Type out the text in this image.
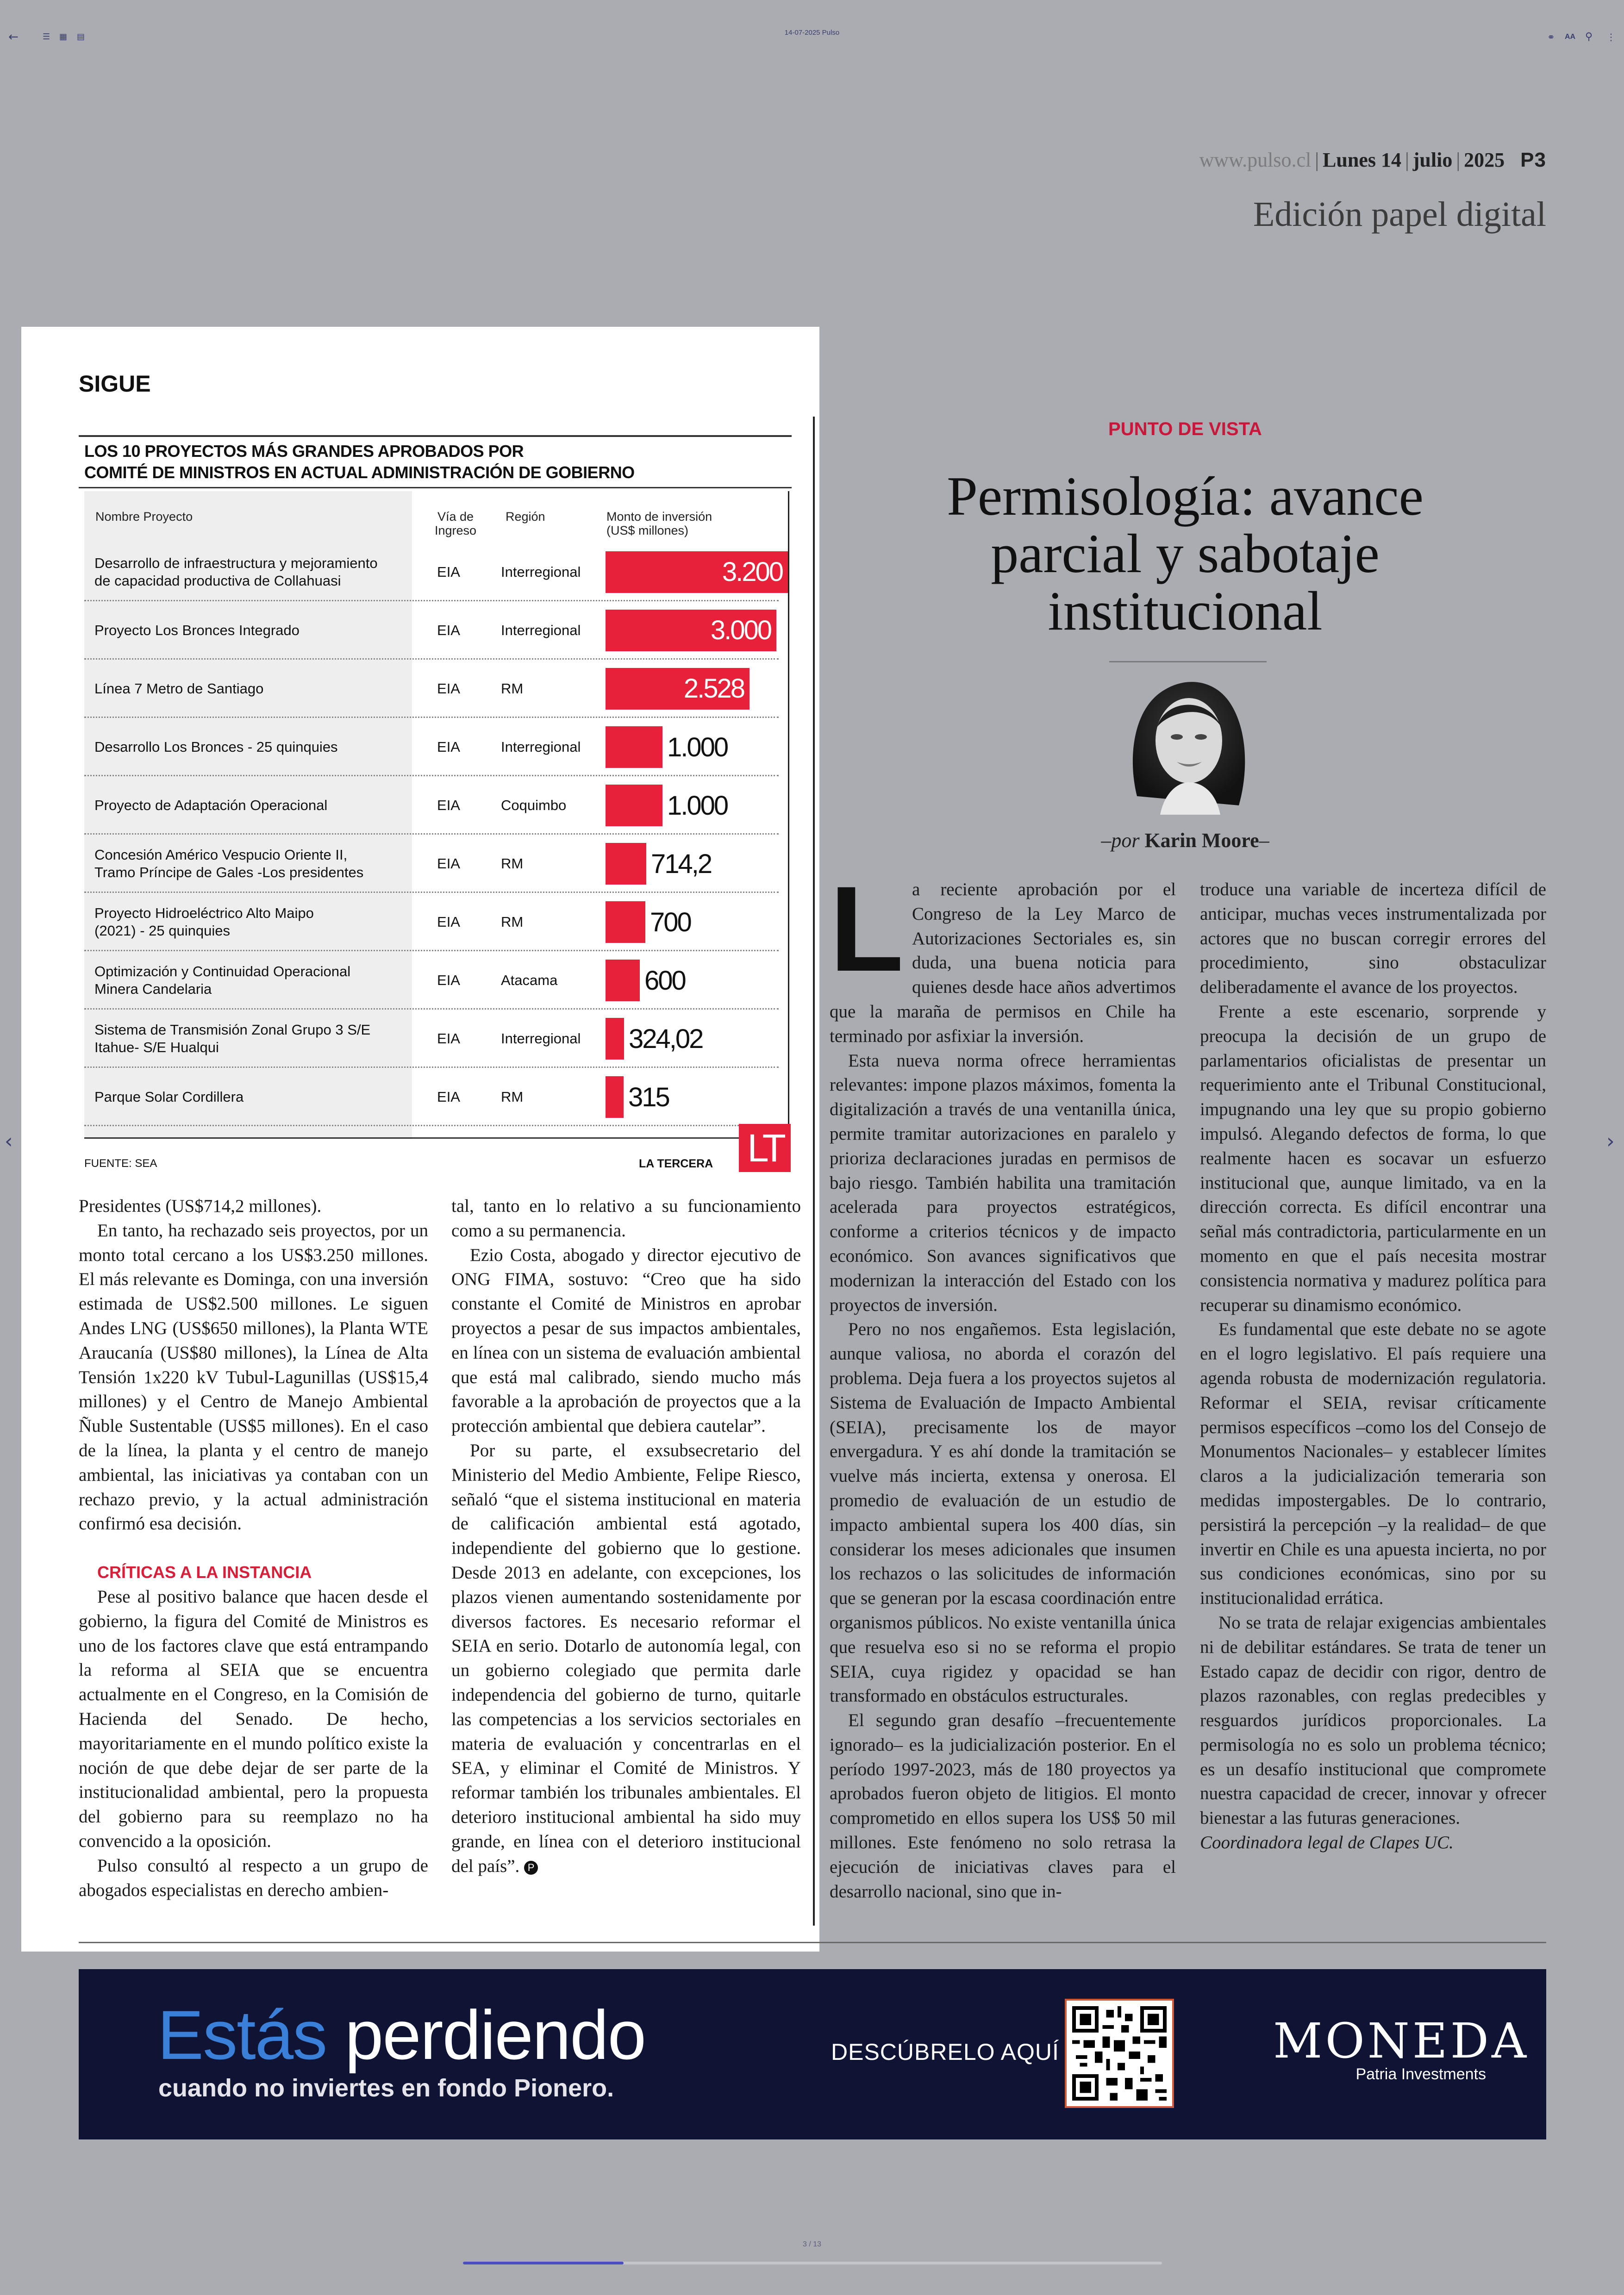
←	☰ ▦ ▤	14-07-2025 Pulso	⚭ AA ⚲ ⋮
‹	›
www.pulso.cl | Lunes 14 | julio | 2025 P3
Edición papel digital
SIGUE
LOS 10 PROYECTOS MÁS GRANDES APROBADOS POR
COMITÉ DE MINISTROS EN ACTUAL ADMINISTRACIÓN DE GOBIERNO
Nombre Proyecto	Vía de
Ingreso
Región	Monto de inversión
(US$ millones)
Desarrollo de infraestructura y mejoramiento
de capacidad productiva de Collahuasi
EIA	Interregional	3.200
Proyecto Los Bronces Integrado	EIA	Interregional	3.000
Línea 7 Metro de Santiago	EIA	RM	2.528
Desarrollo Los Bronces - 25 quinquies	EIA	Interregional	1.000
Proyecto de Adaptación Operacional	EIA	Coquimbo	1.000
Concesión Américo Vespucio Oriente II,
Tramo Príncipe de Gales -Los presidentes
EIA	RM	714,2
Proyecto Hidroeléctrico Alto Maipo
(2021) - 25 quinquies
EIA	RM	700
Optimización y Continuidad Operacional
Minera Candelaria
EIA	Atacama	600
Sistema de Transmisión Zonal Grupo 3 S/E
Itahue- S/E Hualqui
EIA	Interregional 324,02
Parque Solar Cordillera	EIA	RM	315
FUENTE: SEA	LA TERCERA LT

Presidentes (US$714,2 millones).

En tanto, ha rechazado seis proyectos, por un monto total cercano a los US$3.250 millones. El más relevante es Dominga, con una inversión estimada de US$2.500 millones. Le siguen Andes LNG (US$650 millones), la Planta WTE Araucanía (US$80 millones), la Línea de Alta Tensión 1x220 kV Tubul-Lagunillas (US$15,4 millones) y el Centro de Manejo Ambiental Ñuble Sustentable (US$5 millones). En el caso de la línea, la planta y el centro de manejo ambiental, las iniciativas ya contaban con un rechazo previo, y la actual administración confirmó esa decisión.

CRÍTICAS A LA INSTANCIA

Pese al positivo balance que hacen desde el gobierno, la figura del Comité de Ministros es uno de los factores clave que está entrampando la reforma al SEIA que se encuentra actualmente en el Congreso, en la Comisión de Hacienda del Senado. De hecho, mayoritariamente en el mundo político existe la noción de que debe dejar de ser parte de la institucionalidad ambiental, pero la propuesta del gobierno para su reemplazo no ha convencido a la oposición.

Pulso consultó al respecto a un grupo de abogados especialistas en derecho ambien-

tal, tanto en lo relativo a su funcionamiento como a su permanencia.

Ezio Costa, abogado y director ejecutivo de ONG FIMA, sostuvo: “Creo que ha sido constante el Comité de Ministros en aprobar proyectos a pesar de sus impactos ambientales, en línea con un sistema de evaluación ambiental que está mal calibrado, siendo mucho más favorable a la aprobación de proyectos que a la protección ambiental que debiera cautelar”.

Por su parte, el exsubsecretario del Ministerio del Medio Ambiente, Felipe Riesco, señaló “que el sistema institucional en materia de calificación ambiental está agotado, independiente del gobierno que lo gestione. Desde 2013 en adelante, con excepciones, los plazos vienen aumentando sostenidamente por diversos factores. Es necesario reformar el SEIA en serio. Dotarlo de autonomía legal, con un gobierno colegiado que permita darle independencia del gobierno de turno, quitarle las competencias a los servicios sectoriales en materia de evaluación y concentrarlas en el SEA, y eliminar el Comité de Ministros. Y reformar también los tribunales ambientales. El deterioro institucional ambiental ha sido muy grande, en línea con el deterioro institucional del país”. P

PUNTO DE VISTA
Permisología: avance
parcial y sabotaje
institucional
–por Karin Moore–

La reciente aprobación por el Congreso de la Ley Marco de Autorizaciones Sectoriales es, sin duda, una buena noticia para quienes desde hace años advertimos que la maraña de permisos en Chile ha terminado por asfixiar la inversión.

Esta nueva norma ofrece herramientas relevantes: impone plazos máximos, fomenta la digitalización a través de una ventanilla única, permite tramitar autorizaciones en paralelo y prioriza declaraciones juradas en permisos de bajo riesgo. También habilita una tramitación acelerada para proyectos estratégicos, conforme a criterios técnicos y de impacto económico. Son avances significativos que modernizan la interacción del Estado con los proyectos de inversión.

Pero no nos engañemos. Esta legislación, aunque valiosa, no aborda el corazón del problema. Deja fuera a los proyectos sujetos al Sistema de Evaluación de Impacto Ambiental (SEIA), precisamente los de mayor envergadura. Y es ahí donde la tramitación se vuelve más incierta, extensa y onerosa. El promedio de evaluación de un estudio de impacto ambiental supera los 400 días, sin considerar los meses adicionales que insumen los rechazos o las solicitudes de información que se generan por la escasa coordinación entre organismos públicos. No existe ventanilla única que resuelva eso si no se reforma el propio SEIA, cuya rigidez y opacidad se han transformado en obstáculos estructurales.

El segundo gran desafío –frecuentemente ignorado– es la judicialización posterior. En el período 1997-2023, más de 180 proyectos ya aprobados fueron objeto de litigios. El monto comprometido en ellos supera los US$ 50 mil millones. Este fenómeno no solo retrasa la ejecución de iniciativas claves para el desarrollo nacional, sino que in-

troduce una variable de incerteza difícil de anticipar, muchas veces instrumentalizada por actores que no buscan corregir errores del procedimiento, sino obstaculizar deliberadamente el avance de los proyectos.

Frente a este escenario, sorprende y preocupa la decisión de un grupo de parlamentarios oficialistas de presentar un requerimiento ante el Tribunal Constitucional, impugnando una ley que su propio gobierno impulsó. Alegando defectos de forma, lo que realmente hacen es socavar un esfuerzo institucional que, aunque limitado, va en la dirección correcta. Es difícil encontrar una señal más contradictoria, particularmente en un momento en que el país necesita mostrar consistencia normativa y madurez política para recuperar su dinamismo económico.

Es fundamental que este debate no se agote en el logro legislativo. El país requiere una agenda robusta de modernización regulatoria. Reformar el SEIA, revisar críticamente permisos específicos –como los del Consejo de Monumentos Nacionales– y establecer límites claros a la judicialización temeraria son medidas impostergables. De lo contrario, persistirá la percepción –y la realidad– de que invertir en Chile es una apuesta incierta, no por sus condiciones económicas, sino por su institucionalidad errática.

No se trata de relajar exigencias ambientales ni de debilitar estándares. Se trata de tener un Estado capaz de decidir con rigor, dentro de plazos razonables, con reglas predecibles y resguardos jurídicos proporcionales. La permisología no es solo un problema técnico; es un desafío institucional que compromete nuestra capacidad de crecer, innovar y ofrecer bienestar a las futuras generaciones.

Coordinadora legal de Clapes UC.

Estás perdiendo
cuando no inviertes en fondo Pionero.
DESCÚBRELO AQUÍ	MONEDA
Patria Investments
3 / 13
